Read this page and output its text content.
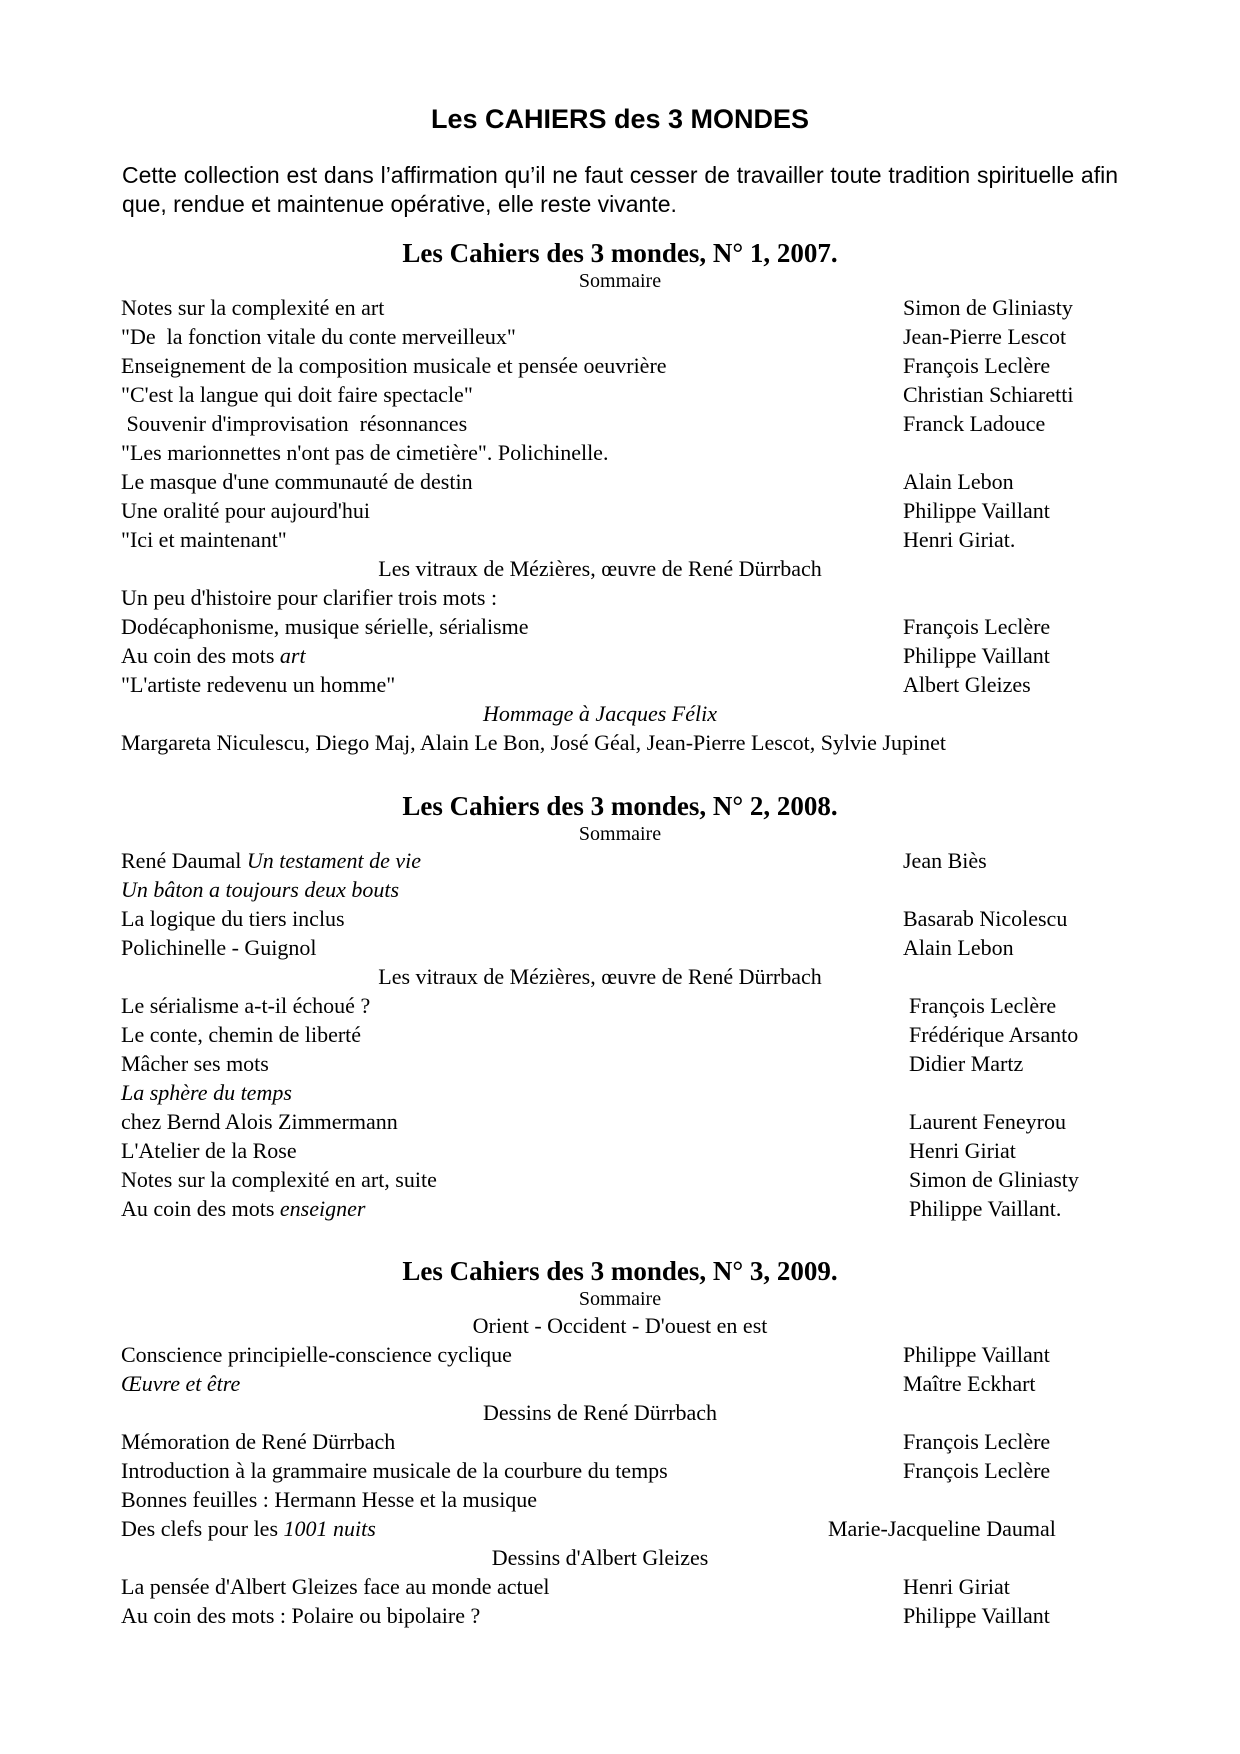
Les CAHIERS des 3 MONDES
Cette collection est dans l’affirmation qu’il ne faut cesser de travailler toute tradition spirituelle afin que, rendue et maintenue opérative, elle reste vivante.
Les Cahiers des 3 mondes, N° 1, 2007.
Sommaire
Notes sur la complexité en art	Simon de Gliniasty
"De  la fonction vitale du conte merveilleux"	Jean-Pierre Lescot
Enseignement de la composition musicale et pensée oeuvrière	François Leclère
"C'est la langue qui doit faire spectacle"	Christian Schiaretti
Souvenir d'improvisation  résonnances	Franck Ladouce
"Les marionnettes n'ont pas de cimetière". Polichinelle.
Le masque d'une communauté de destin	Alain Lebon
Une oralité pour aujourd'hui	Philippe Vaillant
"Ici et maintenant"	Henri Giriat.
Les vitraux de Mézières, œuvre de René Dürrbach
Un peu d'histoire pour clarifier trois mots :
Dodécaphonisme, musique sérielle, sérialisme	François Leclère
Au coin des mots art	Philippe Vaillant
"L'artiste redevenu un homme"	Albert Gleizes
Hommage à Jacques Félix
Margareta Niculescu, Diego Maj, Alain Le Bon, José Géal, Jean-Pierre Lescot, Sylvie Jupinet
Les Cahiers des 3 mondes, N° 2, 2008.
Sommaire
René Daumal Un testament de vie	Jean Biès
Un bâton a toujours deux bouts
La logique du tiers inclus	Basarab Nicolescu
Polichinelle - Guignol	Alain Lebon
Les vitraux de Mézières, œuvre de René Dürrbach
Le sérialisme a-t-il échoué ?	François Leclère
Le conte, chemin de liberté	Frédérique Arsanto
Mâcher ses mots	Didier Martz
La sphère du temps
chez Bernd Alois Zimmermann	Laurent Feneyrou
L'Atelier de la Rose	Henri Giriat
Notes sur la complexité en art, suite	Simon de Gliniasty
Au coin des mots enseigner	Philippe Vaillant.
Les Cahiers des 3 mondes, N° 3, 2009.
Sommaire
Orient - Occident - D'ouest en est
Conscience principielle-conscience cyclique	Philippe Vaillant
Œuvre et être	Maître Eckhart
Dessins de René Dürrbach
Mémoration de René Dürrbach	François Leclère
Introduction à la grammaire musicale de la courbure du temps	François Leclère
Bonnes feuilles : Hermann Hesse et la musique
Des clefs pour les 1001 nuits	Marie-Jacqueline Daumal
Dessins d'Albert Gleizes
La pensée d'Albert Gleizes face au monde actuel	Henri Giriat
Au coin des mots : Polaire ou bipolaire ?	Philippe Vaillant
